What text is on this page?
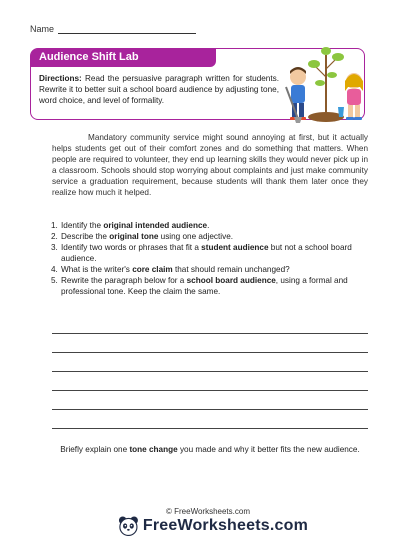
Name
Audience Shift Lab

Directions: Read the persuasive paragraph written for students. Rewrite it to better suit a school board audience by adjusting tone, word choice, and level of formality.

Mandatory community service might sound annoying at first, but it actually helps students get out of their comfort zones and do something that matters. When people are required to volunteer, they end up learning skills they would never pick up in a classroom. Schools should stop worrying about complaints and just make community service a graduation requirement, because students will thank them later once they realize how much it helped.

1. Identify the original intended audience.
2. Describe the original tone using one adjective.
3. Identify two words or phrases that fit a student audience but not a school board audience.
4. What is the writer's core claim that should remain unchanged?
5. Rewrite the paragraph below for a school board audience, using a formal and professional tone. Keep the claim the same.

Briefly explain one tone change you made and why it better fits the new audience.

© FreeWorksheets.com
FreeWorksheets.com
